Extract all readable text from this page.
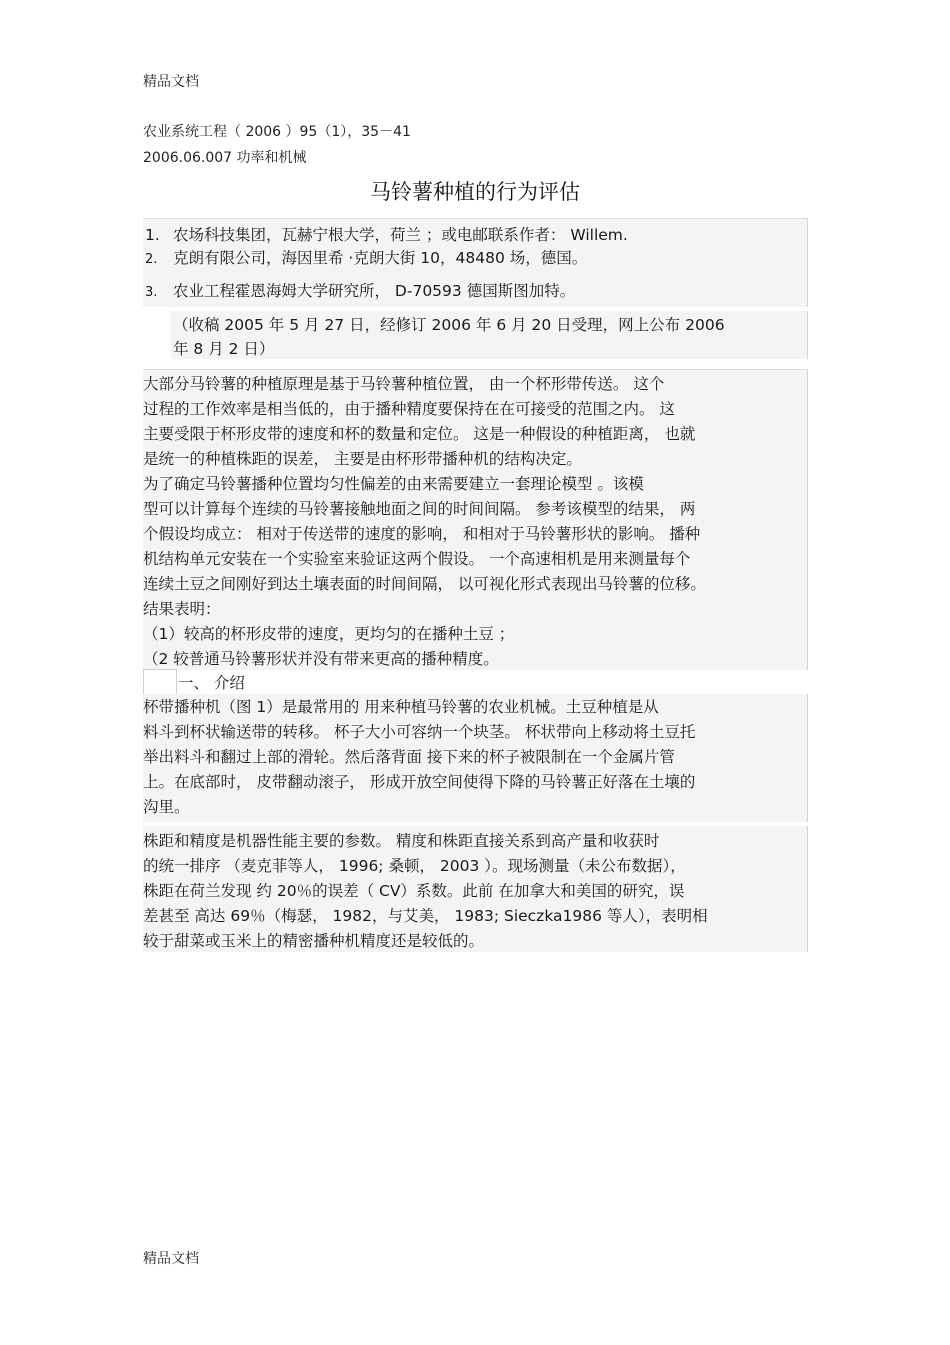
精品文档
农业系统工程（ 2006 ）95（1），35－41
2006.06.007 功率和机械
马铃薯种植的行为评估
1. 农场科技集团，瓦赫宁根大学，荷兰 ；或电邮联系作者： Willem.
2. 克朗有限公司，海因里希 ·克朗大街 10，48480 场，德国。
3. 农业工程霍恩海姆大学研究所， D-70593 德国斯图加特。
（收稿 2005 年 5 月 27 日，经修订 2006 年 6 月 20 日受理，网上公布 2006
年 8 月 2 日）
大部分马铃薯的种植原理是基于马铃薯种植位置， 由一个杯形带传送。 这个
过程的工作效率是相当低的，由于播种精度要保持在在可接受的范围之内。 这
主要受限于杯形皮带的速度和杯的数量和定位。 这是一种假设的种植距离， 也就
是统一的种植株距的误差， 主要是由杯形带播种机的结构决定。
为了确定马铃薯播种位置均匀性偏差的由来需要建立一套理论模型 。该模
型可以计算每个连续的马铃薯接触地面之间的时间间隔。 参考该模型的结果， 两
个假设均成立： 相对于传送带的速度的影响， 和相对于马铃薯形状的影响。 播种
机结构单元安装在一个实验室来验证这两个假设。 一个高速相机是用来测量每个
连续土豆之间刚好到达土壤表面的时间间隔， 以可视化形式表现出马铃薯的位移。
结果表明：
（1）较高的杯形皮带的速度，更均匀的在播种土豆 ；
（2 较普通马铃薯形状并没有带来更高的播种精度。
一、 介绍
杯带播种机（图 1）是最常用的 用来种植马铃薯的农业机械。土豆种植是从
料斗到杯状输送带的转移。 杯子大小可容纳一个块茎。 杯状带向上移动将土豆托
举出料斗和翻过上部的滑轮。然后落背面 接下来的杯子被限制在一个金属片管
上。在底部时， 皮带翻动滚子， 形成开放空间使得下降的马铃薯正好落在土壤的
沟里。
株距和精度是机器性能主要的参数。 精度和株距直接关系到高产量和收获时
的统一排序 （麦克菲等人， 1996; 桑顿， 2003 ）。现场测量（未公布数据），
株距在荷兰发现 约 20％的误差（ CV）系数。此前 在加拿大和美国的研究，误
差甚至 高达 69％（梅瑟， 1982，与艾美， 1983; Sieczka1986 等人），表明相
较于甜菜或玉米上的精密播种机精度还是较低的。
精品文档
